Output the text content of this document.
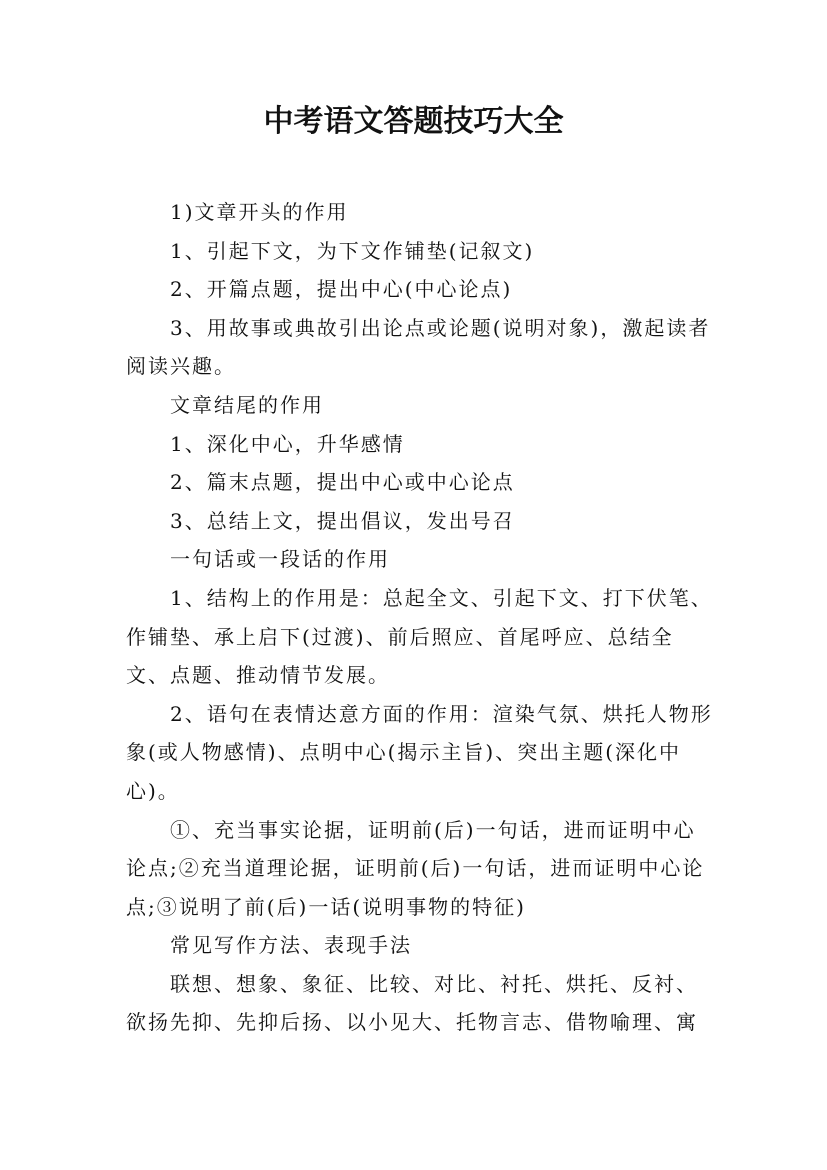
中考语文答题技巧大全

1)文章开头的作用

1、引起下文，为下文作铺垫(记叙文)

2、开篇点题，提出中心(中心论点)

3、用故事或典故引出论点或论题(说明对象)，激起读者阅读兴趣。

文章结尾的作用

1、深化中心，升华感情

2、篇末点题，提出中心或中心论点

3、总结上文，提出倡议，发出号召

一句话或一段话的作用

1、结构上的作用是：总起全文、引起下文、打下伏笔、作铺垫、承上启下(过渡)、前后照应、首尾呼应、总结全文、点题、推动情节发展。

2、语句在表情达意方面的作用：渲染气氛、烘托人物形象(或人物感情)、点明中心(揭示主旨)、突出主题(深化中心)。

①、充当事实论据，证明前(后)一句话，进而证明中心论点;②充当道理论据，证明前(后)一句话，进而证明中心论点;③说明了前(后)一话(说明事物的特征)

常见写作方法、表现手法

联想、想象、象征、比较、对比、衬托、烘托、反衬、欲扬先抑、先抑后扬、以小见大、托物言志、借物喻理、寓
